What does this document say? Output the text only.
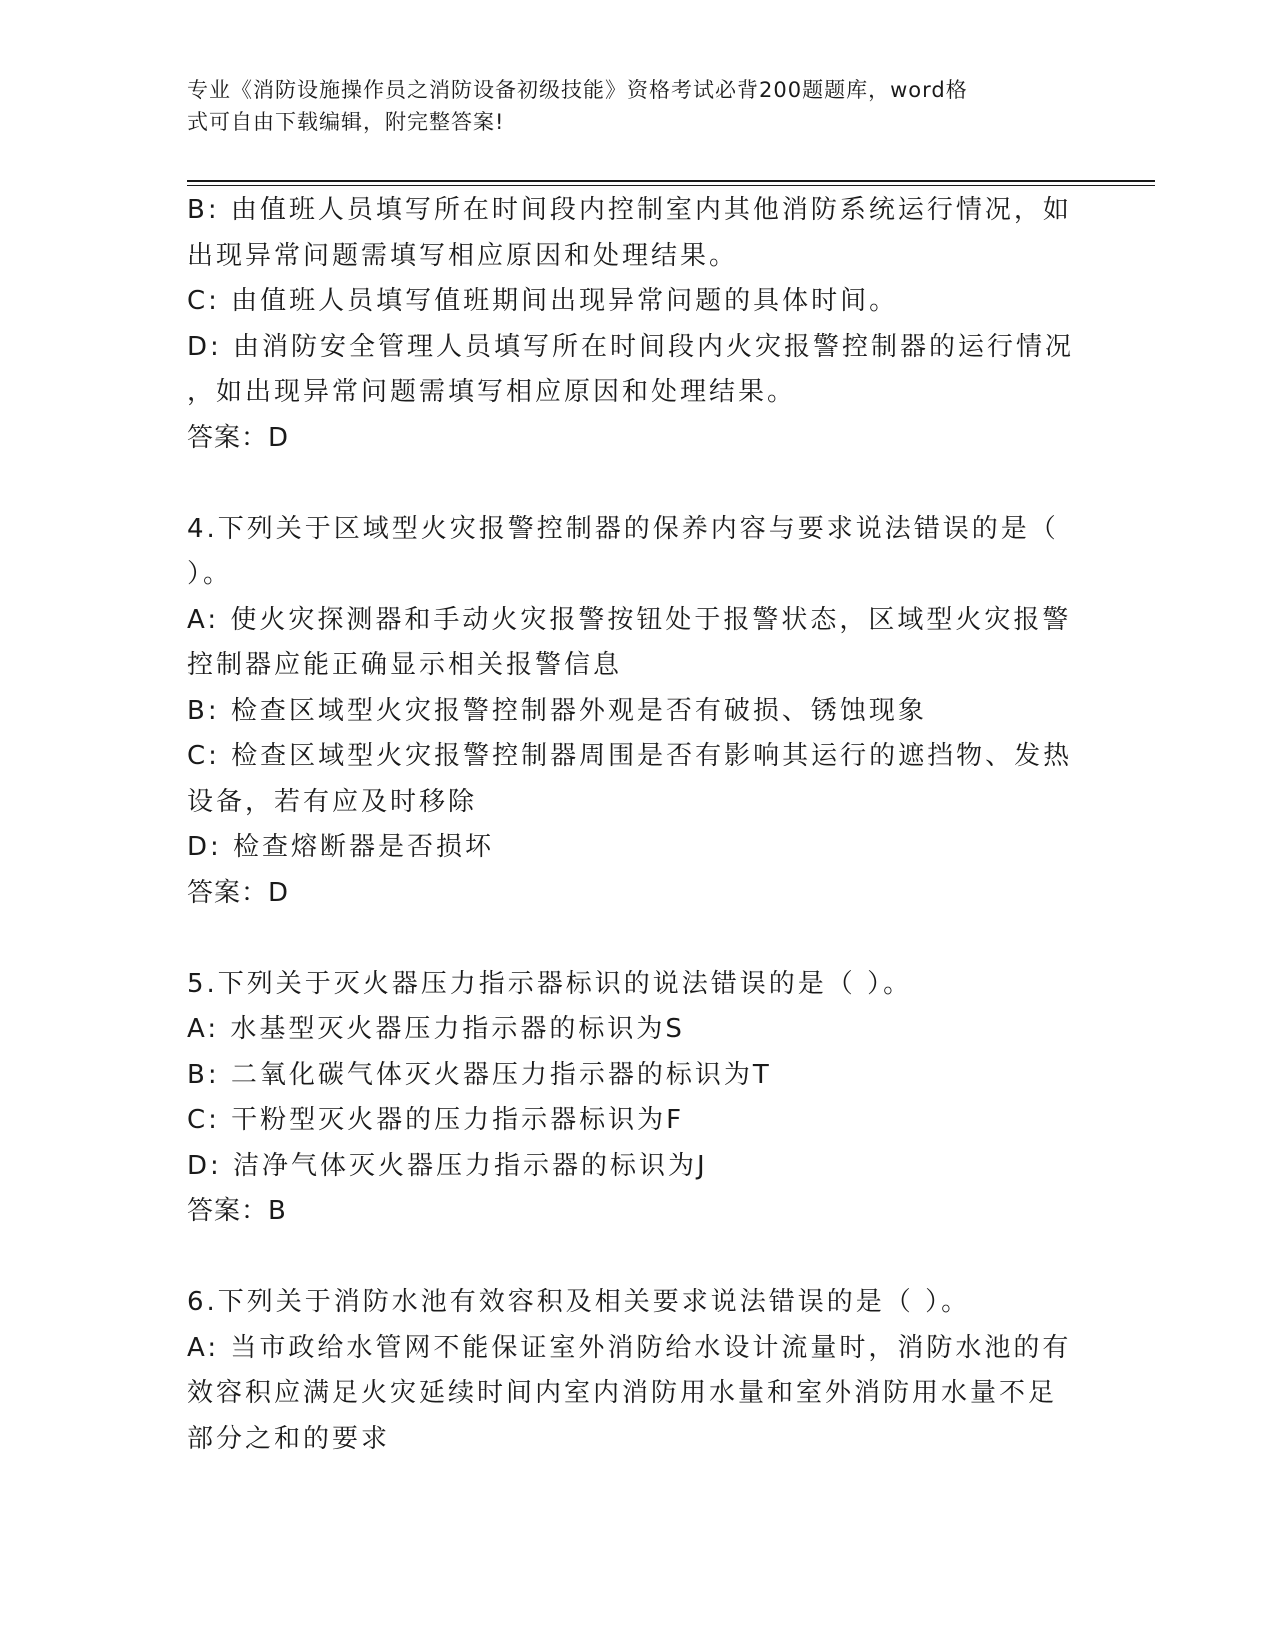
专业《消防设施操作员之消防设备初级技能》资格考试必背200题题库，word格
式可自由下载编辑，附完整答案!
B: 由值班人员填写所在时间段内控制室内其他消防系统运行情况，如
出现异常问题需填写相应原因和处理结果。
C: 由值班人员填写值班期间出现异常问题的具体时间。
D: 由消防安全管理人员填写所在时间段内火灾报警控制器的运行情况
，如出现异常问题需填写相应原因和处理结果。
答案：D
4.下列关于区域型火灾报警控制器的保养内容与要求说法错误的是（
）。
A: 使火灾探测器和手动火灾报警按钮处于报警状态，区域型火灾报警
控制器应能正确显示相关报警信息
B: 检查区域型火灾报警控制器外观是否有破损、锈蚀现象
C: 检查区域型火灾报警控制器周围是否有影响其运行的遮挡物、发热
设备，若有应及时移除
D: 检查熔断器是否损坏
答案：D
5.下列关于灭火器压力指示器标识的说法错误的是（ ）。
A: 水基型灭火器压力指示器的标识为S
B: 二氧化碳气体灭火器压力指示器的标识为T
C: 干粉型灭火器的压力指示器标识为F
D: 洁净气体灭火器压力指示器的标识为J
答案：B
6.下列关于消防水池有效容积及相关要求说法错误的是（ ）。
A: 当市政给水管网不能保证室外消防给水设计流量时，消防水池的有
效容积应满足火灾延续时间内室内消防用水量和室外消防用水量不足
部分之和的要求
